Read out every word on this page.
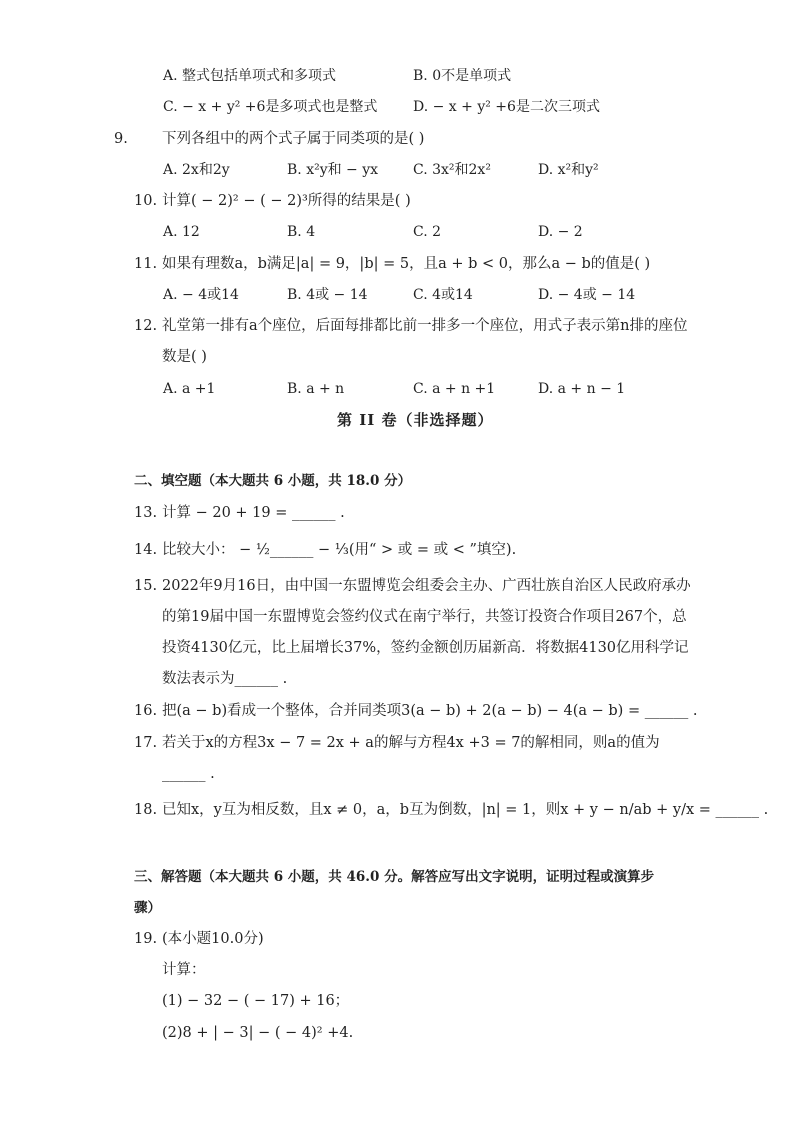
A. 整式包括单项式和多项式	B. 0不是单项式
C. − x + y² +6是多项式也是整式	D. − x + y² +6是二次三项式
9.	下列各组中的两个式子属于同类项的是( )
A. 2x和2y	B. x²y和 − yx C. 3x²和2x²	D. x²和y²
10. 计算( − 2)² − ( − 2)³所得的结果是( )
A. 12	B. 4	C. 2	D. − 2
11. 如果有理数a，b满足|a| = 9，|b| = 5，且a + b < 0，那么a − b的值是( )
A. − 4或14	B. 4或 − 14	C. 4或14	D. − 4或 − 14
12. 礼堂第一排有a个座位，后面每排都比前一排多一个座位，用式子表示第n排的座位
数是( )
A. a +1	B. a + n	C. a + n +1	D. a + n − 1
第 II 卷（非选择题）
二、填空题（本大题共 6 小题，共 18.0 分）
13. 计算 − 20 + 19 = ______ .
14. 比较大小： − ½______ − ⅓(用“ > 或 = 或 < ”填空).
15. 2022年9月16日，由中国一东盟博览会组委会主办、广西壮族自治区人民政府承办
的第19届中国一东盟博览会签约仪式在南宁举行，共签订投资合作项目267个，总
投资4130亿元，比上届增长37%，签约金额创历届新高．将数据4130亿用科学记
数法表示为______ .
16. 把(a − b)看成一个整体，合并同类项3(a − b) + 2(a − b) − 4(a − b) = ______ .
17. 若关于x的方程3x − 7 = 2x + a的解与方程4x +3 = 7的解相同，则a的值为
______ .
18. 已知x，y互为相反数，且x ≠ 0，a，b互为倒数，|n| = 1，则x + y − n/ab + y/x = ______ .
三、解答题（本大题共 6 小题，共 46.0 分。解答应写出文字说明，证明过程或演算步
骤）
19. (本小题10.0分)
计算：
(1) − 32 − ( − 17) + 16；
(2)8 + | − 3| − ( − 4)² +4.
